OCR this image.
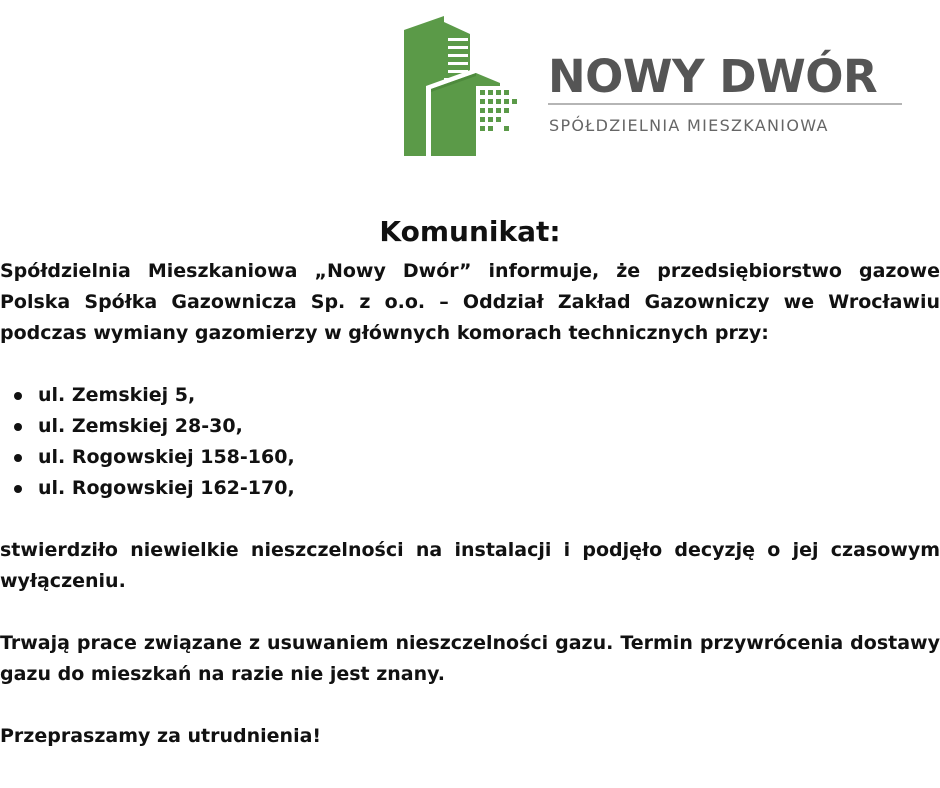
NOWY DWÓR
SPÓŁDZIELNIA MIESZKANIOWA
Komunikat:

Spółdzielnia Mieszkaniowa „Nowy Dwór” informuje, że przedsiębiorstwo gazowe Polska Spółka Gazownicza Sp. z o.o. – Oddział Zakład Gazowniczy we Wrocławiu podczas wymiany gazomierzy w głównych komorach technicznych przy:

ul. Zemskiej 5,
ul. Zemskiej 28-30,
ul. Rogowskiej 158-160,
ul. Rogowskiej 162-170,

stwierdziło niewielkie nieszczelności na instalacji i podjęło decyzję o jej czasowym wyłączeniu.

Trwają prace związane z usuwaniem nieszczelności gazu. Termin przywrócenia dostawy gazu do mieszkań na razie nie jest znany.

Przepraszamy za utrudnienia!
